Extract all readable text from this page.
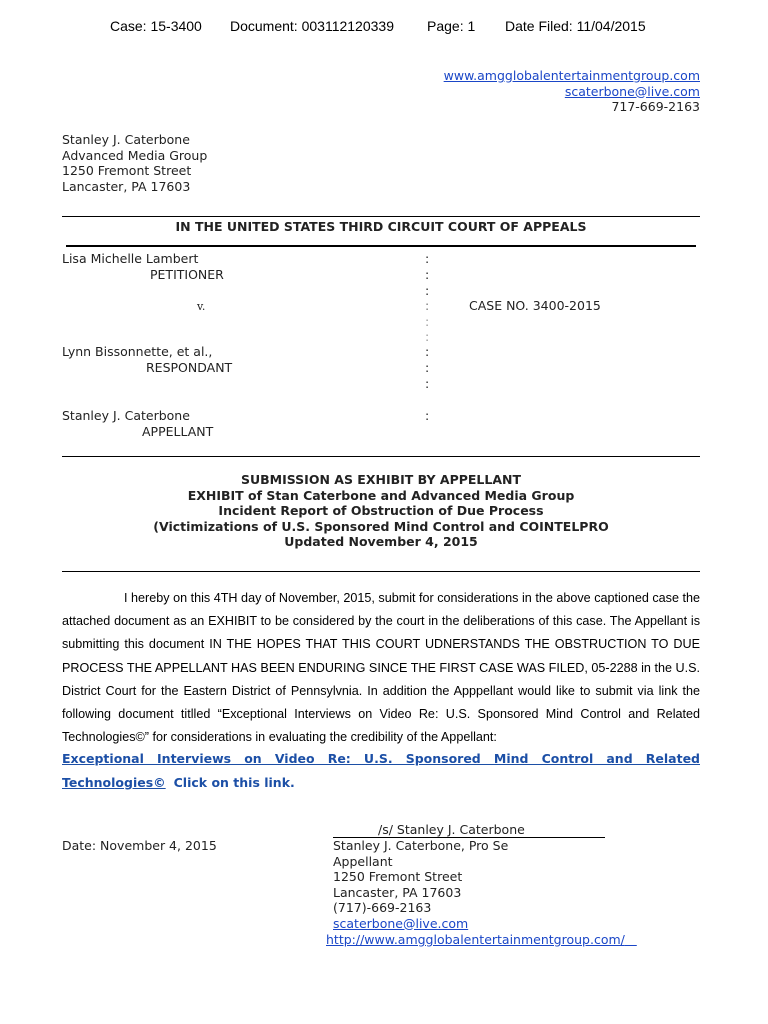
Case: 15-3400 Document: 003112120339 Page: 1 Date Filed: 11/04/2015
www.amgglobalentertainmentgroup.com
scaterbone@live.com
717-669-2163
Stanley J. Caterbone
Advanced Media Group
1250 Fremont Street
Lancaster, PA 17603
IN THE UNITED STATES THIRD CIRCUIT COURT OF APPEALS
Lisa Michelle Lambert
PETITIONER
v.	CASE NO. 3400-2015
Lynn Bissonnette, et al.,
RESPONDANT
Stanley J. Caterbone
APPELLANT
:
:
:
:
:
:
:
:
:
:
SUBMISSION AS EXHIBIT BY APPELLANT
EXHIBIT of Stan Caterbone and Advanced Media Group
Incident Report of Obstruction of Due Process
(Victimizations of U.S. Sponsored Mind Control and COINTELPRO
Updated November 4, 2015
I hereby on this 4TH day of November, 2015, submit for considerations in the above captioned case the attached document as an EXHIBIT to be considered by the court in the deliberations of this case. The Appellant is submitting this document IN THE HOPES THAT THIS COURT UDNERSTANDS THE OBSTRUCTION TO DUE PROCESS THE APPELLANT HAS BEEN ENDURING SINCE THE FIRST CASE WAS FILED, 05-2288 in the U.S. District Court for the Eastern District of Pennsylvnia. In addition the Apppellant would like to submit via link the following document titlled “Exceptional Interviews on Video Re: U.S. Sponsored Mind Control and Related Technologies©” for considerations in evaluating the credibility of the Appellant:
Exceptional Interviews on Video Re: U.S. Sponsored Mind Control and Related Technologies© Click on this link.
/s/ Stanley J. Caterbone
Date: November 4, 2015	Stanley J. Caterbone, Pro Se
Appellant
1250 Fremont Street
Lancaster, PA 17603
(717)-669-2163
scaterbone@live.com
http://www.amgglobalentertainmentgroup.com/
